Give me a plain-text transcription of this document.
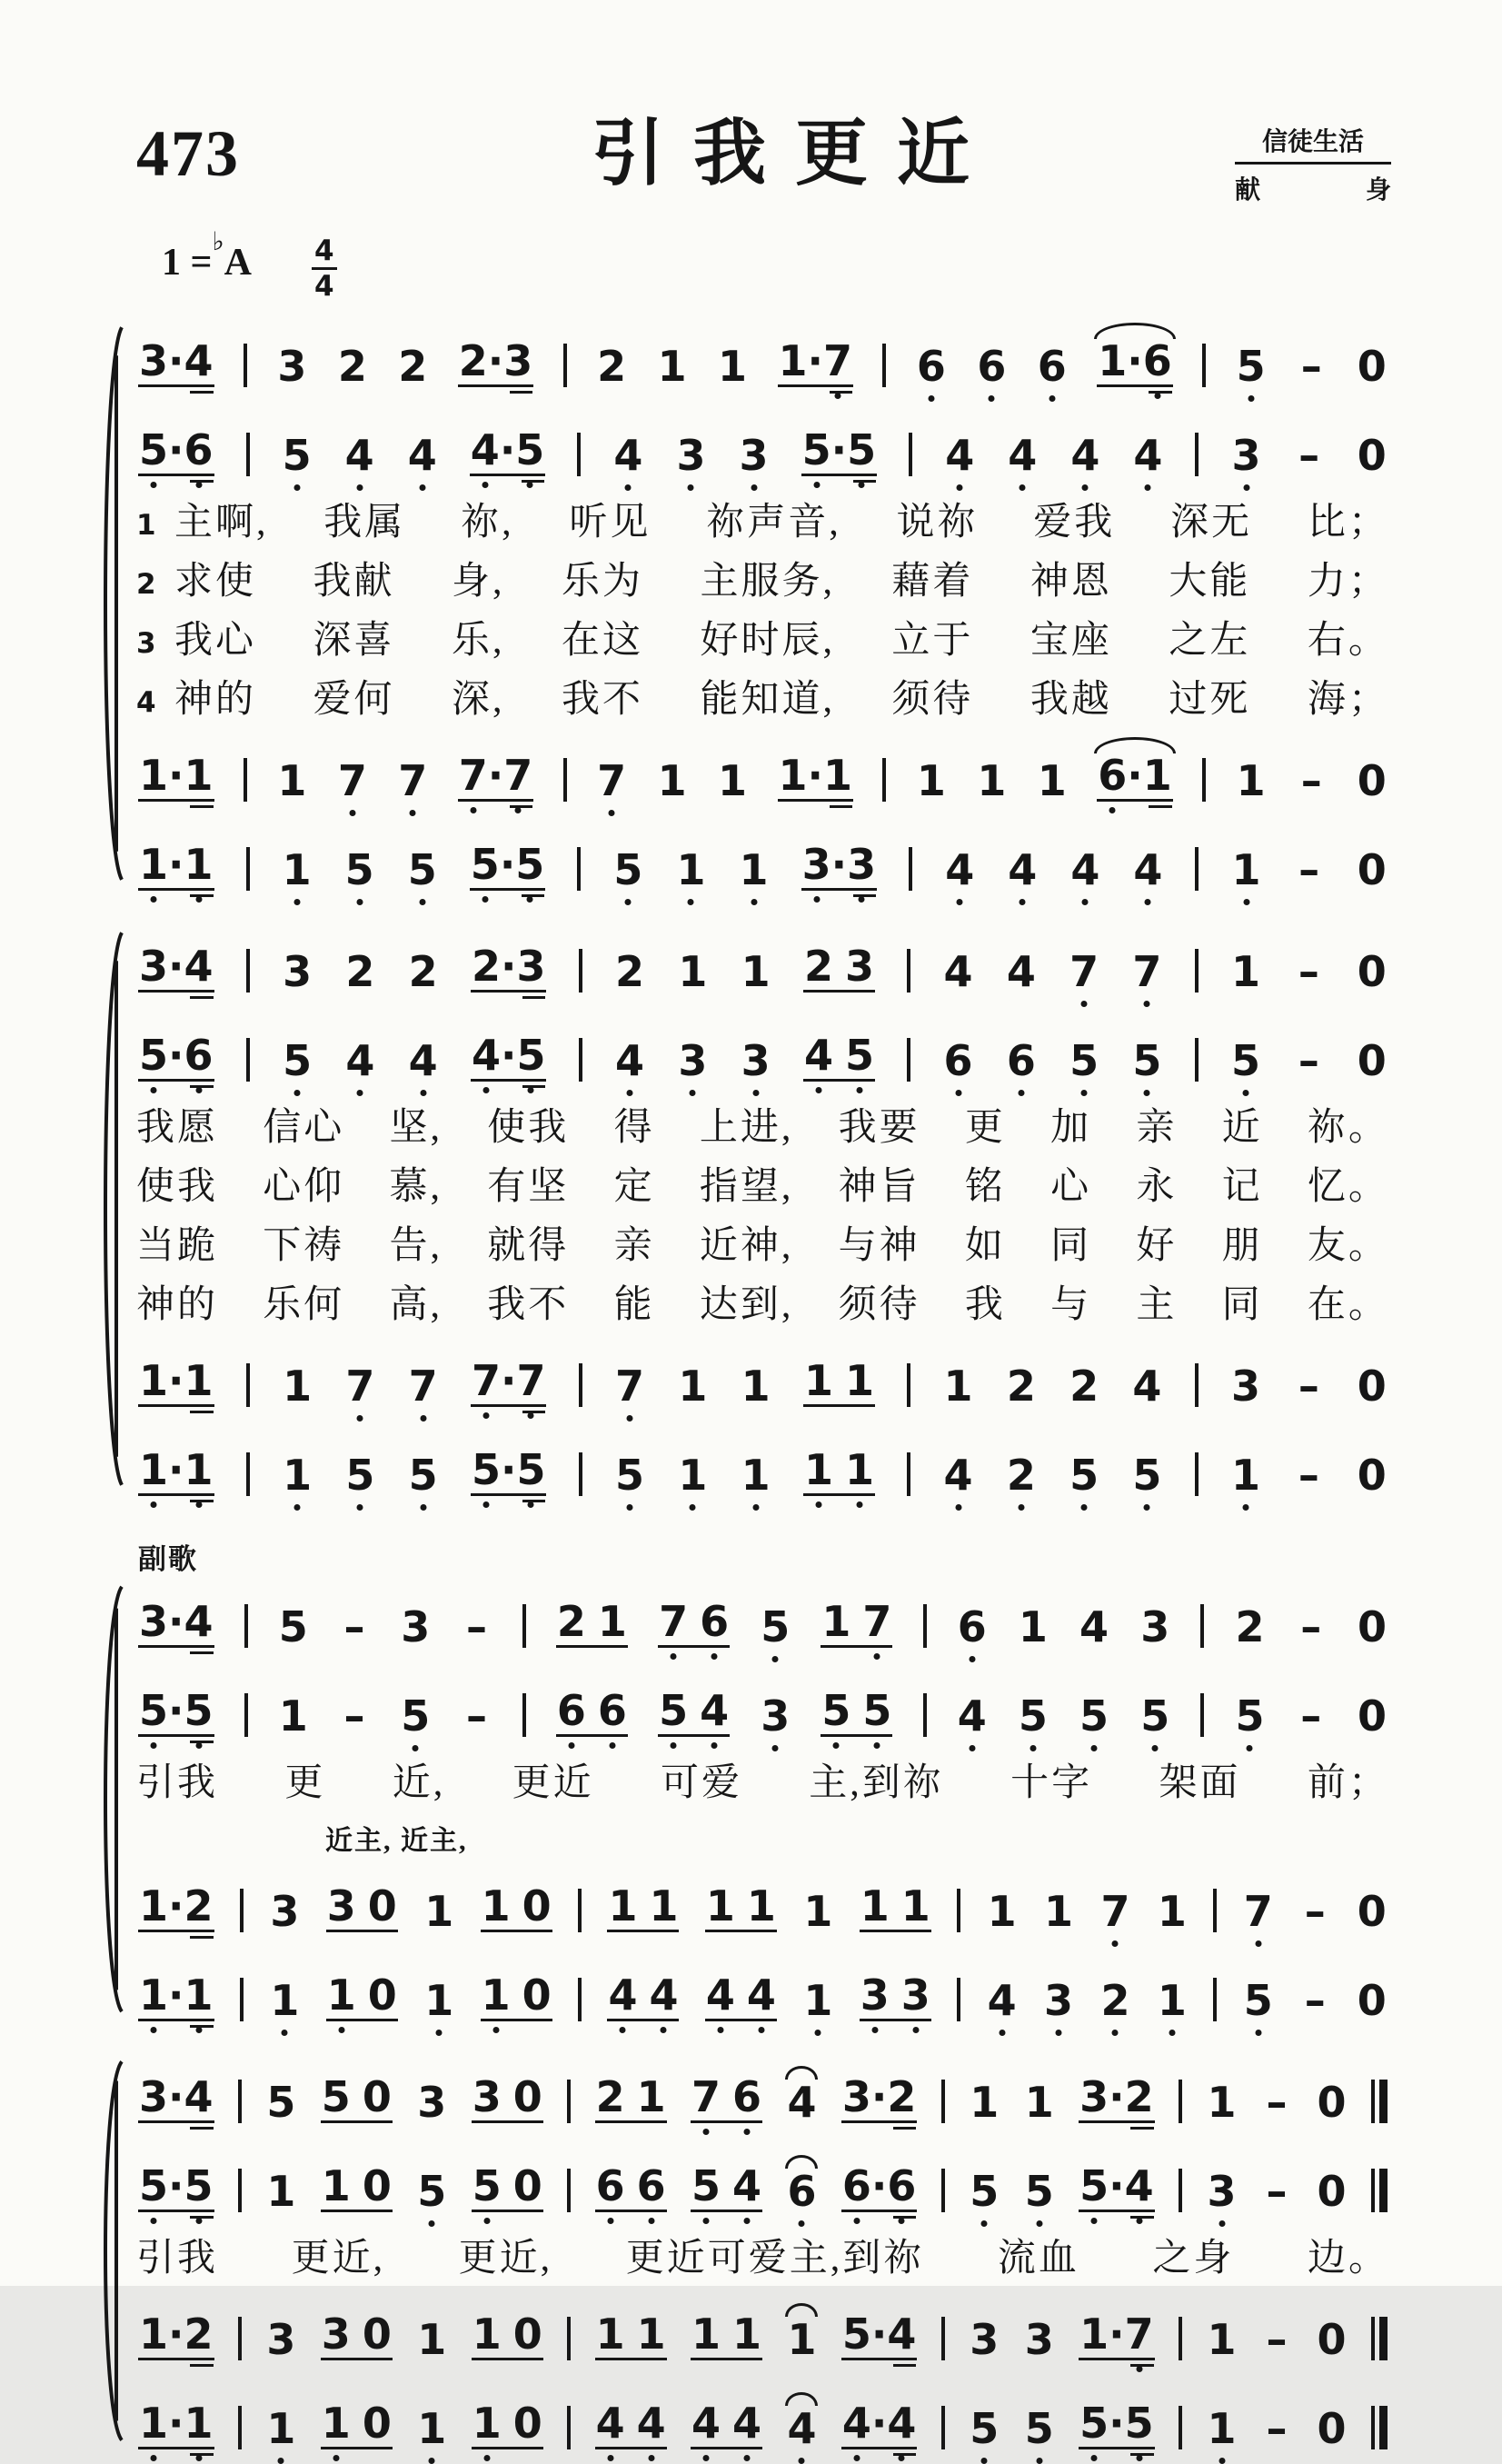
473	引 我 更 近	信徒生活
献	身
$1 =^♭A \frac{4}{4}$
3 · 4 3 2 2 2 · 3 2 1 1 1 · 7 6 6 6 1 · 6 5 – 0
5 · 6 5 4 4 4 · 5 4 3 3 5 · 5 4 4 4 4 3 – 0
1 主啊, 我属 祢, 听见 祢声音, 说祢 爱我 深无 比；
2 求使 我献 身, 乐为 主服务, 藉着 神恩 大能 力；
3 我心 深喜 乐, 在这 好时辰, 立于 宝座 之左 右。
4 神的 爱何 深, 我不 能知道, 须待 我越 过死 海；
1 · 1 1 7 7 7 · 7 7 1 1 1 · 1 1 1 1 6 · 1 1 – 0
1 · 1 1 5 5 5 · 5 5 1 1 3 · 3 4 4 4 4 1 – 0
3 · 4 3 2 2 2 · 3 2 1 1 2 3 4 4 7 7 1 – 0
5 · 6 5 4 4 4 · 5 4 3 3 4 5 6 6 5 5 5 – 0
我愿 信心 坚, 使我 得 上进, 我要 更 加 亲 近 祢。
使我 心仰 慕, 有坚 定 指望, 神旨 铭 心 永 记 忆。
当跪 下祷 告, 就得 亲 近神, 与神 如 同 好 朋 友。
神的 乐何 高, 我不 能 达到, 须待 我 与 主 同 在。
1 · 1 1 7 7 7 · 7 7 1 1 1 1 1 2 2 4 3 – 0
1 · 1 1 5 5 5 · 5 5 1 1 1 1 4 2 5 5 1 – 0
副歌
3 · 4 5 – 3 – 2 1 7 6 5 1 7 6 1 4 3 2 – 0
5 · 5 1 – 5 – 6 6 5 4 3 5 5 4 5 5 5 5 – 0
引我 更 近, 更近 可爱 主,到祢 十字 架面 前；
近主, 近主,
1 · 2 3 3 0 1 1 0 1 1 1 1 1 1 1 1 1 7 1 7 – 0
1 · 1 1 1 0 1 1 0 4 4 4 4 1 3 3 4 3 2 1 5 – 0
3 · 4 5 5 0 3 3 0 2 1 7 6 4 3 · 2 1 1 3 · 2 1 – 0
5 · 5 1 1 0 5 5 0 6 6 5 4 6 6 · 6 5 5 5 · 4 3 – 0
引我 更近, 更近, 更近可爱主,到祢 流血 之身 边。
1 · 2 3 3 0 1 1 0 1 1 1 1 1 5 · 4 3 3 1 · 7 1 – 0
1 · 1 1 1 0 1 1 0 4 4 4 4 4 4 · 4 5 5 5 · 5 1 – 0
